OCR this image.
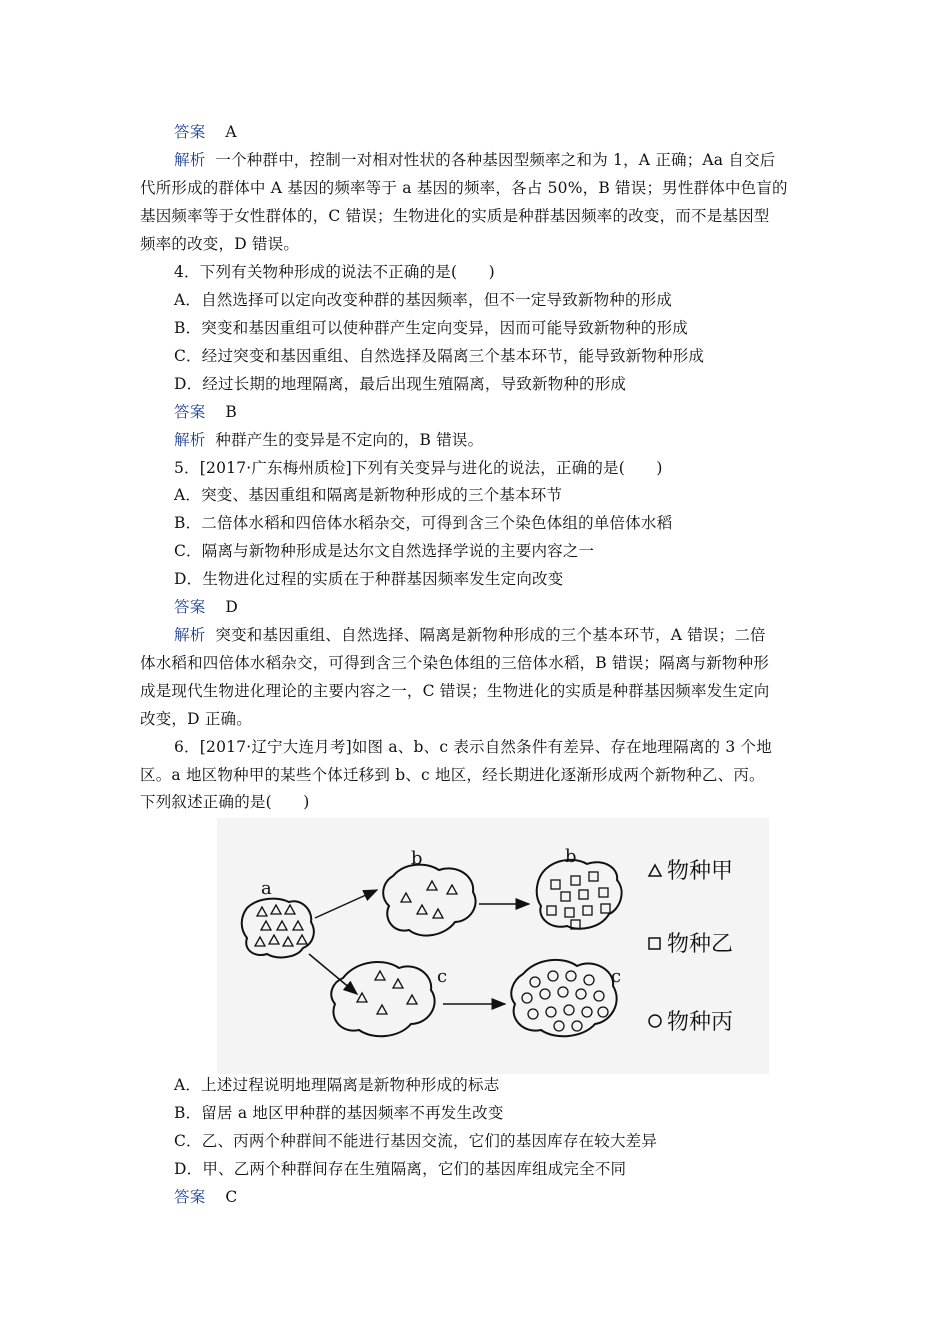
答案 A
解析 一个种群中，控制一对相对性状的各种基因型频率之和为 1，A 正确；Aa 自交后
代所形成的群体中 A 基因的频率等于 a 基因的频率，各占 50%，B 错误；男性群体中色盲的
基因频率等于女性群体的，C 错误；生物进化的实质是种群基因频率的改变，而不是基因型
频率的改变，D 错误。
4．下列有关物种形成的说法不正确的是(　　)
A．自然选择可以定向改变种群的基因频率，但不一定导致新物种的形成
B．突变和基因重组可以使种群产生定向变异，因而可能导致新物种的形成
C．经过突变和基因重组、自然选择及隔离三个基本环节，能导致新物种形成
D．经过长期的地理隔离，最后出现生殖隔离，导致新物种的形成
答案 B
解析 种群产生的变异是不定向的，B 错误。
5．[2017·广东梅州质检]下列有关变异与进化的说法，正确的是(　　)
A．突变、基因重组和隔离是新物种形成的三个基本环节
B．二倍体水稻和四倍体水稻杂交，可得到含三个染色体组的单倍体水稻
C．隔离与新物种形成是达尔文自然选择学说的主要内容之一
D．生物进化过程的实质在于种群基因频率发生定向改变
答案 D
解析 突变和基因重组、自然选择、隔离是新物种形成的三个基本环节，A 错误；二倍
体水稻和四倍体水稻杂交，可得到含三个染色体组的三倍体水稻，B 错误；隔离与新物种形
成是现代生物进化理论的主要内容之一，C 错误；生物进化的实质是种群基因频率发生定向
改变，D 正确。
6．[2017·辽宁大连月考]如图 a、b、c 表示自然条件有差异、存在地理隔离的 3 个地
区。a 地区物种甲的某些个体迁移到 b、c 地区，经长期进化逐渐形成两个新物种乙、丙。
下列叙述正确的是(　　)
a
b
c
b
c
物种甲
物种乙
物种丙
A．上述过程说明地理隔离是新物种形成的标志
B．留居 a 地区甲种群的基因频率不再发生改变
C．乙、丙两个种群间不能进行基因交流，它们的基因库存在较大差异
D．甲、乙两个种群间存在生殖隔离，它们的基因库组成完全不同
答案 C
